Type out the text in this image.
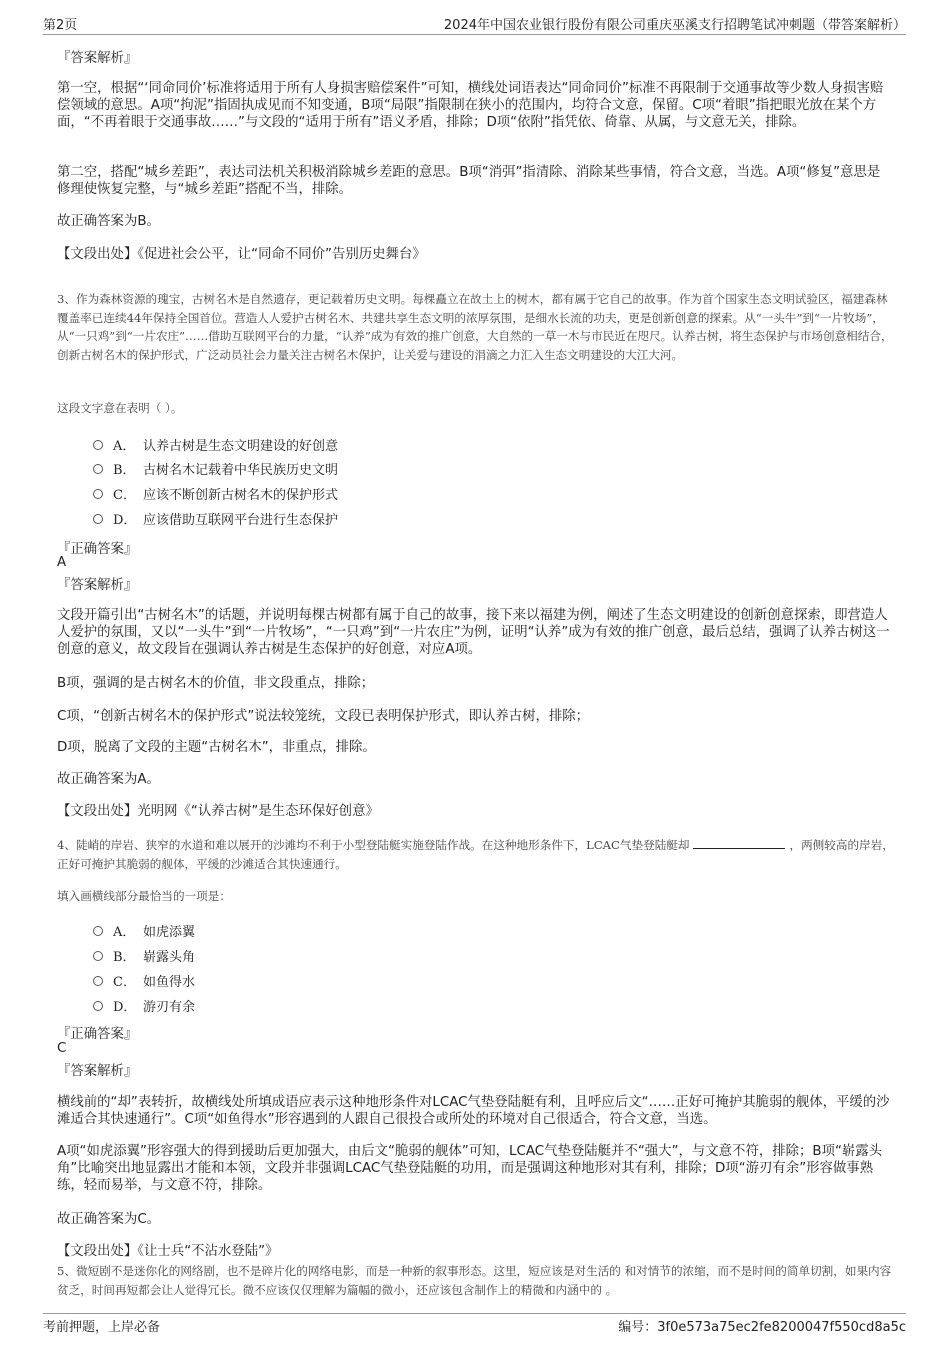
第2页	2024年中国农业银行股份有限公司重庆巫溪支行招聘笔试冲刺题（带答案解析）

『答案解析』

第一空，根据“‘同命同价’标准将适用于所有人身损害赔偿案件”可知，横线处词语表达“同命同价”标准不再限制于交通事故等少数人身损害赔偿领域的意思。A项“拘泥”指固执成见而不知变通，B项“局限”指限制在狭小的范围内，均符合文意，保留。C项“着眼”指把眼光放在某个方面，“不再着眼于交通事故……”与文段的“适用于所有”语义矛盾，排除；D项“依附”指凭依、倚靠、从属，与文意无关，排除。

第二空，搭配“城乡差距”，表达司法机关积极消除城乡差距的意思。B项“消弭”指清除、消除某些事情，符合文意，当选。A项“修复”意思是修理使恢复完整，与“城乡差距”搭配不当，排除。

故正确答案为B。

【文段出处】《促进社会公平，让“同命不同价”告别历史舞台》

3、作为森林资源的瑰宝，古树名木是自然遗存，更记载着历史文明。每棵矗立在故土上的树木，都有属于它自己的故事。作为首个国家生态文明试验区，福建森林覆盖率已连续44年保持全国首位。营造人人爱护古树名木、共建共享生态文明的浓厚氛围，是细水长流的功夫，更是创新创意的探索。从“一头牛”到“一片牧场”，从“一只鸡”到“一片农庄”……借助互联网平台的力量，“认养”成为有效的推广创意，大自然的一草一木与市民近在咫尺。认养古树，将生态保护与市场创意相结合，创新古树名木的保护形式，广泛动员社会力量关注古树名木保护，让关爱与建设的涓滴之力汇入生态文明建设的大江大河。

这段文字意在表明（ ）。

A． 认养古树是生态文明建设的好创意
B． 古树名木记载着中华民族历史文明
C． 应该不断创新古树名木的保护形式
D． 应该借助互联网平台进行生态保护

『正确答案』

A

『答案解析』

文段开篇引出“古树名木”的话题，并说明每棵古树都有属于自己的故事，接下来以福建为例，阐述了生态文明建设的创新创意探索，即营造人人爱护的氛围，又以“一头牛”到“一片牧场”，“一只鸡”到“一片农庄”为例，证明“认养”成为有效的推广创意，最后总结，强调了认养古树这一创意的意义，故文段旨在强调认养古树是生态保护的好创意，对应A项。

B项，强调的是古树名木的价值，非文段重点，排除；

C项，“创新古树名木的保护形式”说法较笼统，文段已表明保护形式，即认养古树，排除；

D项，脱离了文段的主题“古树名木”，非重点，排除。

故正确答案为A。

【文段出处】光明网《“认养古树”是生态环保好创意》

4、陡峭的岸岩、狭窄的水道和难以展开的沙滩均不利于小型登陆艇实施登陆作战。在这种地形条件下，LCAC气垫登陆艇却	，两侧较高的岸岩，正好可掩护其脆弱的舰体，平缓的沙滩适合其快速通行。

填入画横线部分最恰当的一项是：

A． 如虎添翼
B． 崭露头角
C． 如鱼得水
D． 游刃有余

『正确答案』

C

『答案解析』

横线前的“却”表转折，故横线处所填成语应表示这种地形条件对LCAC气垫登陆艇有利，且呼应后文“……正好可掩护其脆弱的舰体，平缓的沙滩适合其快速通行”。C项“如鱼得水”形容遇到的人跟自己很投合或所处的环境对自己很适合，符合文意，当选。

A项“如虎添翼”形容强大的得到援助后更加强大，由后文“脆弱的舰体”可知，LCAC气垫登陆艇并不“强大”，与文意不符，排除；B项“崭露头角”比喻突出地显露出才能和本领，文段并非强调LCAC气垫登陆艇的功用，而是强调这种地形对其有利，排除；D项“游刃有余”形容做事熟练，轻而易举，与文意不符，排除。

故正确答案为C。

【文段出处】《让士兵“不沾水登陆”》

5、微短剧不是迷你化的网络剧，也不是碎片化的网络电影，而是一种新的叙事形态。这里，短应该是对生活的 和对情节的浓缩，而不是时间的简单切割，如果内容贫乏，时间再短都会让人觉得冗长。微不应该仅仅理解为篇幅的微小，还应该包含制作上的精微和内涵中的 。

考前押题，上岸必备	编号：3f0e573a75ec2fe8200047f550cd8a5c
